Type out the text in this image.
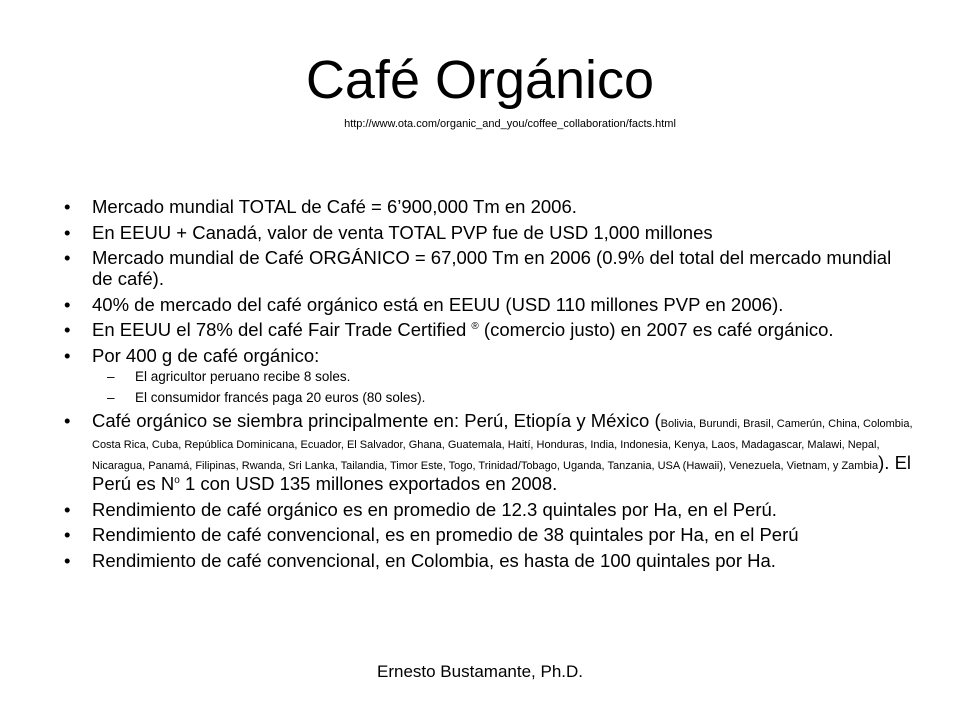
Café Orgánico
http://www.ota.com/organic_and_you/coffee_collaboration/facts.html
• Mercado mundial TOTAL de Café = 6’900,000 Tm en 2006.
• En EEUU + Canadá, valor de venta TOTAL PVP fue de USD 1,000 millones
• Mercado mundial de Café ORGÁNICO = 67,000 Tm en 2006 (0.9% del total del mercado mundial de café).
• 40% de mercado del café orgánico está en EEUU (USD 110 millones PVP en 2006).
• En EEUU el 78% del café Fair Trade Certified ® (comercio justo) en 2007 es café orgánico.
• Por 400 g de café orgánico:
– El agricultor peruano recibe 8 soles.
– El consumidor francés paga 20 euros (80 soles).
• Café orgánico se siembra principalmente en: Perú, Etiopía y México (Bolivia, Burundi, Brasil, Camerún, China, Colombia, Costa Rica, Cuba, República Dominicana, Ecuador, El Salvador, Ghana, Guatemala, Haití, Honduras, India, Indonesia, Kenya, Laos, Madagascar, Malawi, Nepal, Nicaragua, Panamá, Filipinas, Rwanda, Sri Lanka, Tailandia, Timor Este, Togo, Trinidad/Tobago, Uganda, Tanzania, USA (Hawaii), Venezuela, Vietnam, y Zambia). El Perú es $N^o$ 1 con USD 135 millones exportados en 2008.
• Rendimiento de café orgánico es en promedio de 12.3 quintales por Ha, en el Perú.
• Rendimiento de café convencional, es en promedio de 38 quintales por Ha, en el Perú
• Rendimiento de café convencional, en Colombia, es hasta de 100 quintales por Ha.
Ernesto Bustamante, Ph.D.
